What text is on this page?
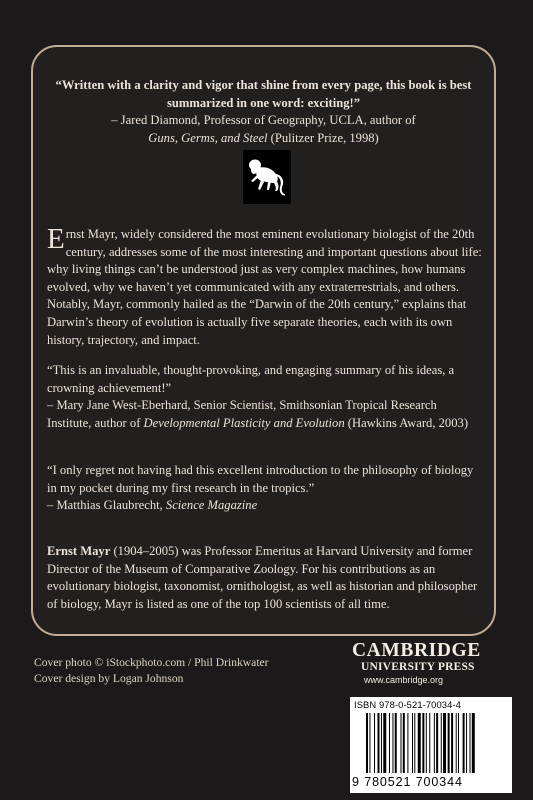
“Written with a clarity and vigor that shine from every page, this book is best summarized in one word: exciting!”
– Jared Diamond, Professor of Geography, UCLA, author of
Guns, Germs, and Steel (Pulitzer Prize, 1998)

Ernst Mayr, widely considered the most eminent evolutionary biologist of the 20th century, addresses some of the most interesting and important questions about life: why living things can’t be understood just as very complex machines, how humans evolved, why we haven’t yet communicated with any extraterrestrials, and others. Notably, Mayr, commonly hailed as the “Darwin of the 20th century,” explains that Darwin’s theory of evolution is actually five separate theories, each with its own history, trajectory, and impact.

“This is an invaluable, thought-provoking, and engaging summary of his ideas, a crowning achievement!”
– Mary Jane West-Eberhard, Senior Scientist, Smithsonian Tropical Research Institute, author of Developmental Plasticity and Evolution (Hawkins Award, 2003)

“I only regret not having had this excellent introduction to the philosophy of biology in my pocket during my first research in the tropics.”
– Matthias Glaubrecht, Science Magazine

Ernst Mayr (1904–2005) was Professor Emeritus at Harvard University and former Director of the Museum of Comparative Zoology. For his contributions as an evolutionary biologist, taxonomist, ornithologist, as well as historian and philosopher of biology, Mayr is listed as one of the top 100 scientists of all time.

Cover photo © iStockphoto.com / Phil Drinkwater
Cover design by Logan Johnson
CAMBRIDGE
UNIVERSITY PRESS
www.cambridge.org
ISBN 978-0-521-70034-4
9 780521 700344
